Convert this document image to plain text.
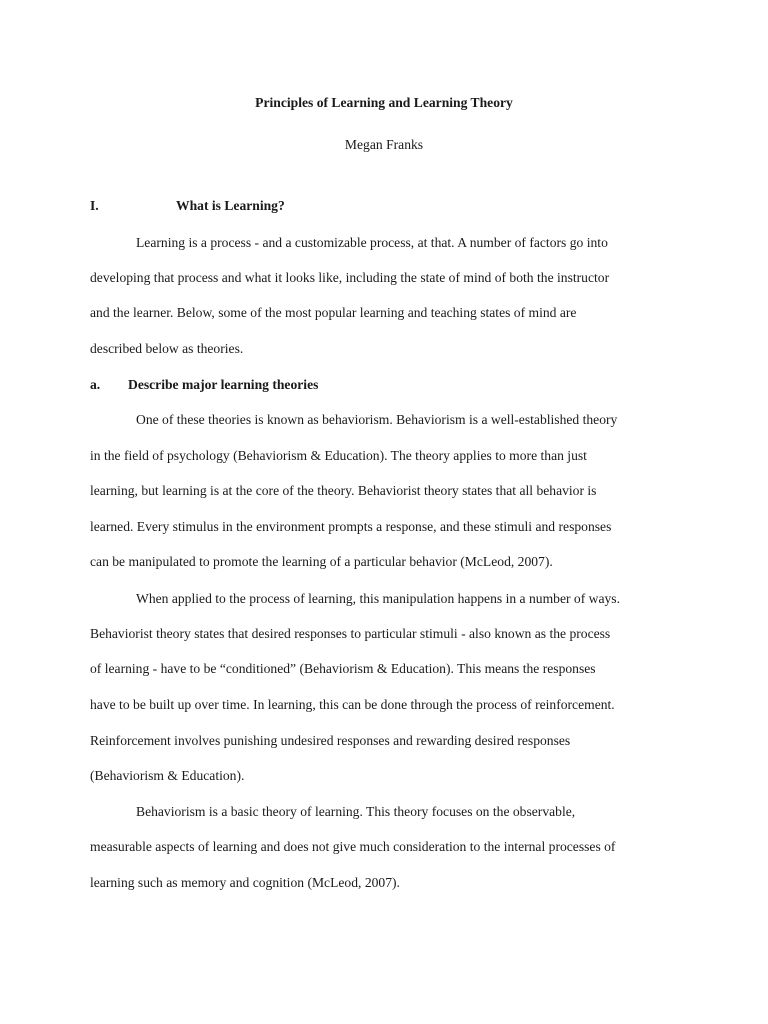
Principles of Learning and Learning Theory
Megan Franks
I.	What is Learning?
Learning is a process - and a customizable process, at that. A number of factors go into
developing that process and what it looks like, including the state of mind of both the instructor
and the learner. Below, some of the most popular learning and teaching states of mind are
described below as theories.
a. Describe major learning theories
One of these theories is known as behaviorism. Behaviorism is a well-established theory
in the field of psychology (Behaviorism & Education). The theory applies to more than just
learning, but learning is at the core of the theory. Behaviorist theory states that all behavior is
learned. Every stimulus in the environment prompts a response, and these stimuli and responses
can be manipulated to promote the learning of a particular behavior (McLeod, 2007).
When applied to the process of learning, this manipulation happens in a number of ways.
Behaviorist theory states that desired responses to particular stimuli - also known as the process
of learning - have to be “conditioned” (Behaviorism & Education). This means the responses
have to be built up over time. In learning, this can be done through the process of reinforcement.
Reinforcement involves punishing undesired responses and rewarding desired responses
(Behaviorism & Education).
Behaviorism is a basic theory of learning. This theory focuses on the observable,
measurable aspects of learning and does not give much consideration to the internal processes of
learning such as memory and cognition (McLeod, 2007).
